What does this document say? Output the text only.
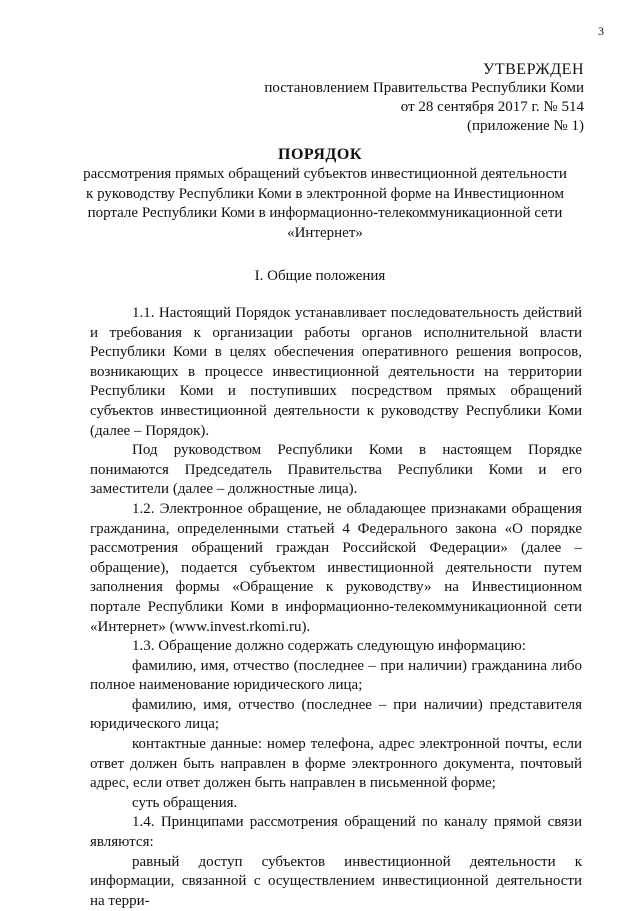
3
УТВЕРЖДЕН
постановлением Правительства Республики Коми
от 28 сентября 2017 г. № 514
(приложение № 1)
ПОРЯДОК
рассмотрения прямых обращений субъектов инвестиционной деятельности к руководству Республики Коми в электронной форме на Инвестиционном портале Республики Коми в информационно-телекоммуникационной сети «Интернет»
I. Общие положения

1.1. Настоящий Порядок устанавливает последовательность действий и требования к организации работы органов исполнительной власти Республики Коми в целях обеспечения оперативного решения вопросов, возникающих в процессе инвестиционной деятельности на территории Республики Коми и поступивших посредством прямых обращений субъектов инвестиционной деятельности к руководству Республики Коми (далее – Порядок).

Под руководством Республики Коми в настоящем Порядке понимаются Председатель Правительства Республики Коми и его заместители (далее – должностные лица).

1.2. Электронное обращение, не обладающее признаками обращения гражданина, определенными статьей 4 Федерального закона «О порядке рассмотрения обращений граждан Российской Федерации» (далее – обращение), подается субъектом инвестиционной деятельности путем заполнения формы «Обращение к руководству» на Инвестиционном портале Республики Коми в информационно-телекоммуникационной сети «Интернет» (www.invest.rkomi.ru).

1.3. Обращение должно содержать следующую информацию:

фамилию, имя, отчество (последнее – при наличии) гражданина либо полное наименование юридического лица;

фамилию, имя, отчество (последнее – при наличии) представителя юридического лица;

контактные данные: номер телефона, адрес электронной почты, если ответ должен быть направлен в форме электронного документа, почтовый адрес, если ответ должен быть направлен в письменной форме;

суть обращения.

1.4. Принципами рассмотрения обращений по каналу прямой связи являются:

равный доступ субъектов инвестиционной деятельности к информации, связанной с осуществлением инвестиционной деятельности на терри-
